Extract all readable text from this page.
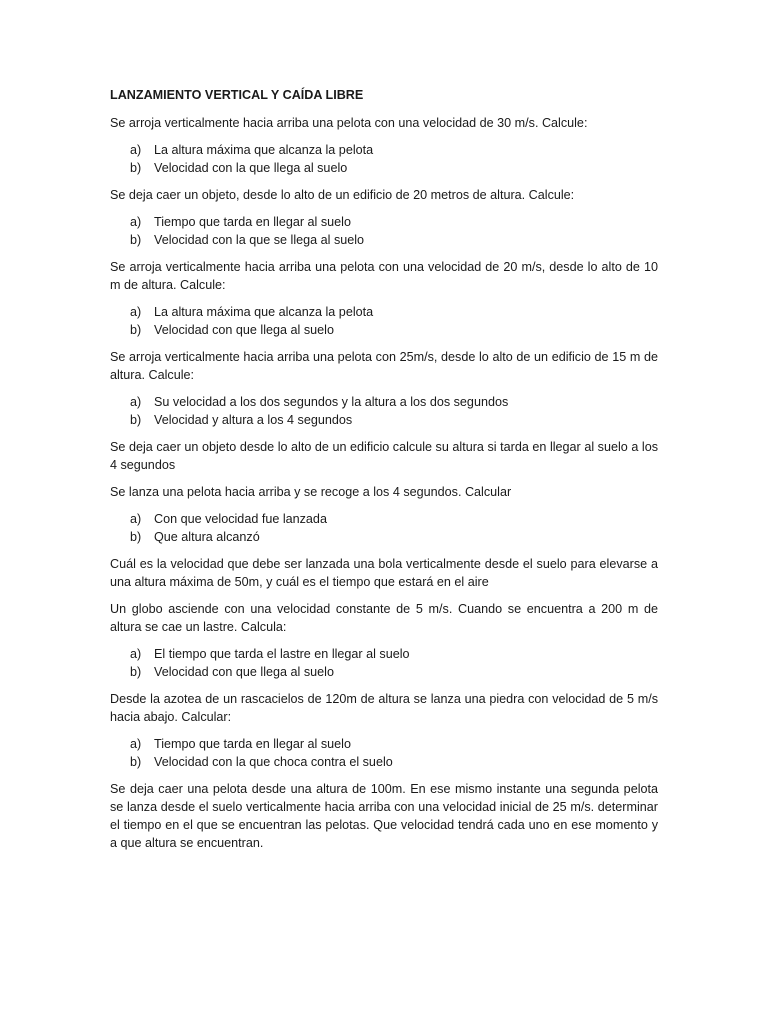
LANZAMIENTO VERTICAL Y CAÍDA LIBRE

Se arroja verticalmente hacia arriba una pelota con una velocidad de 30 m/s. Calcule:

a)	La altura máxima que alcanza la pelota
b)	Velocidad con la que llega al suelo

Se deja caer un objeto, desde lo alto de un edificio de 20 metros de altura. Calcule:

a)	Tiempo que tarda en llegar al suelo
b)	Velocidad con la que se llega al suelo

Se arroja verticalmente hacia arriba una pelota con una velocidad de 20 m/s, desde lo alto de 10 m de altura. Calcule:

a)	La altura máxima que alcanza la pelota
b)	Velocidad con que llega al suelo

Se arroja verticalmente hacia arriba una pelota con 25m/s, desde lo alto de un edificio de 15 m de altura. Calcule:

a)	Su velocidad a los dos segundos y la altura a los dos segundos
b)	Velocidad y altura a los 4 segundos

Se deja caer un objeto desde lo alto de un edificio calcule su altura si tarda en llegar al suelo a los 4 segundos

Se lanza una pelota hacia arriba y se recoge a los 4 segundos. Calcular

a)	Con que velocidad fue lanzada
b)	Que altura alcanzó

Cuál es la velocidad que debe ser lanzada una bola verticalmente desde el suelo para elevarse a una altura máxima de 50m, y cuál es el tiempo que estará en el aire

Un globo asciende con una velocidad constante de 5 m/s. Cuando se encuentra a 200 m de altura se cae un lastre. Calcula:

a)	El tiempo que tarda el lastre en llegar al suelo
b)	Velocidad con que llega al suelo

Desde la azotea de un rascacielos de 120m de altura se lanza una piedra con velocidad de 5 m/s hacia abajo. Calcular:

a)	Tiempo que tarda en llegar al suelo
b)	Velocidad con la que choca contra el suelo

Se deja caer una pelota desde una altura de 100m. En ese mismo instante una segunda pelota se lanza desde el suelo verticalmente hacia arriba con una velocidad inicial de 25 m/s. determinar el tiempo en el que se encuentran las pelotas. Que velocidad tendrá cada uno en ese momento y a que altura se encuentran.
